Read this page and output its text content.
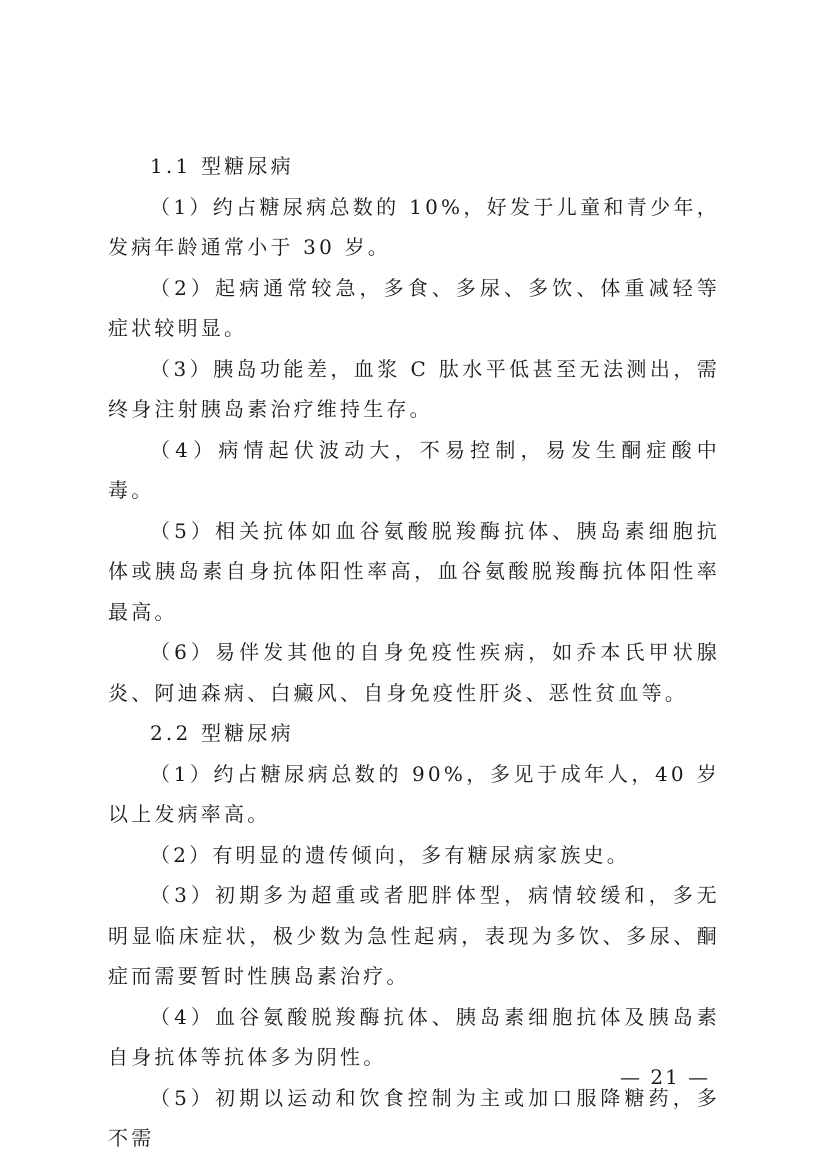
1.1 型糖尿病

（1）约占糖尿病总数的 10%，好发于儿童和青少年，发病年龄通常小于 30 岁。

（2）起病通常较急，多食、多尿、多饮、体重减轻等症状较明显。

（3）胰岛功能差，血浆 C 肽水平低甚至无法测出，需终身注射胰岛素治疗维持生存。

（4）病情起伏波动大，不易控制，易发生酮症酸中毒。

（5）相关抗体如血谷氨酸脱羧酶抗体、胰岛素细胞抗体或胰岛素自身抗体阳性率高，血谷氨酸脱羧酶抗体阳性率最高。

（6）易伴发其他的自身免疫性疾病，如乔本氏甲状腺炎、阿迪森病、白癜风、自身免疫性肝炎、恶性贫血等。

2.2 型糖尿病

（1）约占糖尿病总数的 90%，多见于成年人，40 岁以上发病率高。

（2）有明显的遗传倾向，多有糖尿病家族史。

（3）初期多为超重或者肥胖体型，病情较缓和，多无明显临床症状，极少数为急性起病，表现为多饮、多尿、酮症而需要暂时性胰岛素治疗。

（4）血谷氨酸脱羧酶抗体、胰岛素细胞抗体及胰岛素自身抗体等抗体多为阴性。

（5）初期以运动和饮食控制为主或加口服降糖药，多不需

— 21 —
